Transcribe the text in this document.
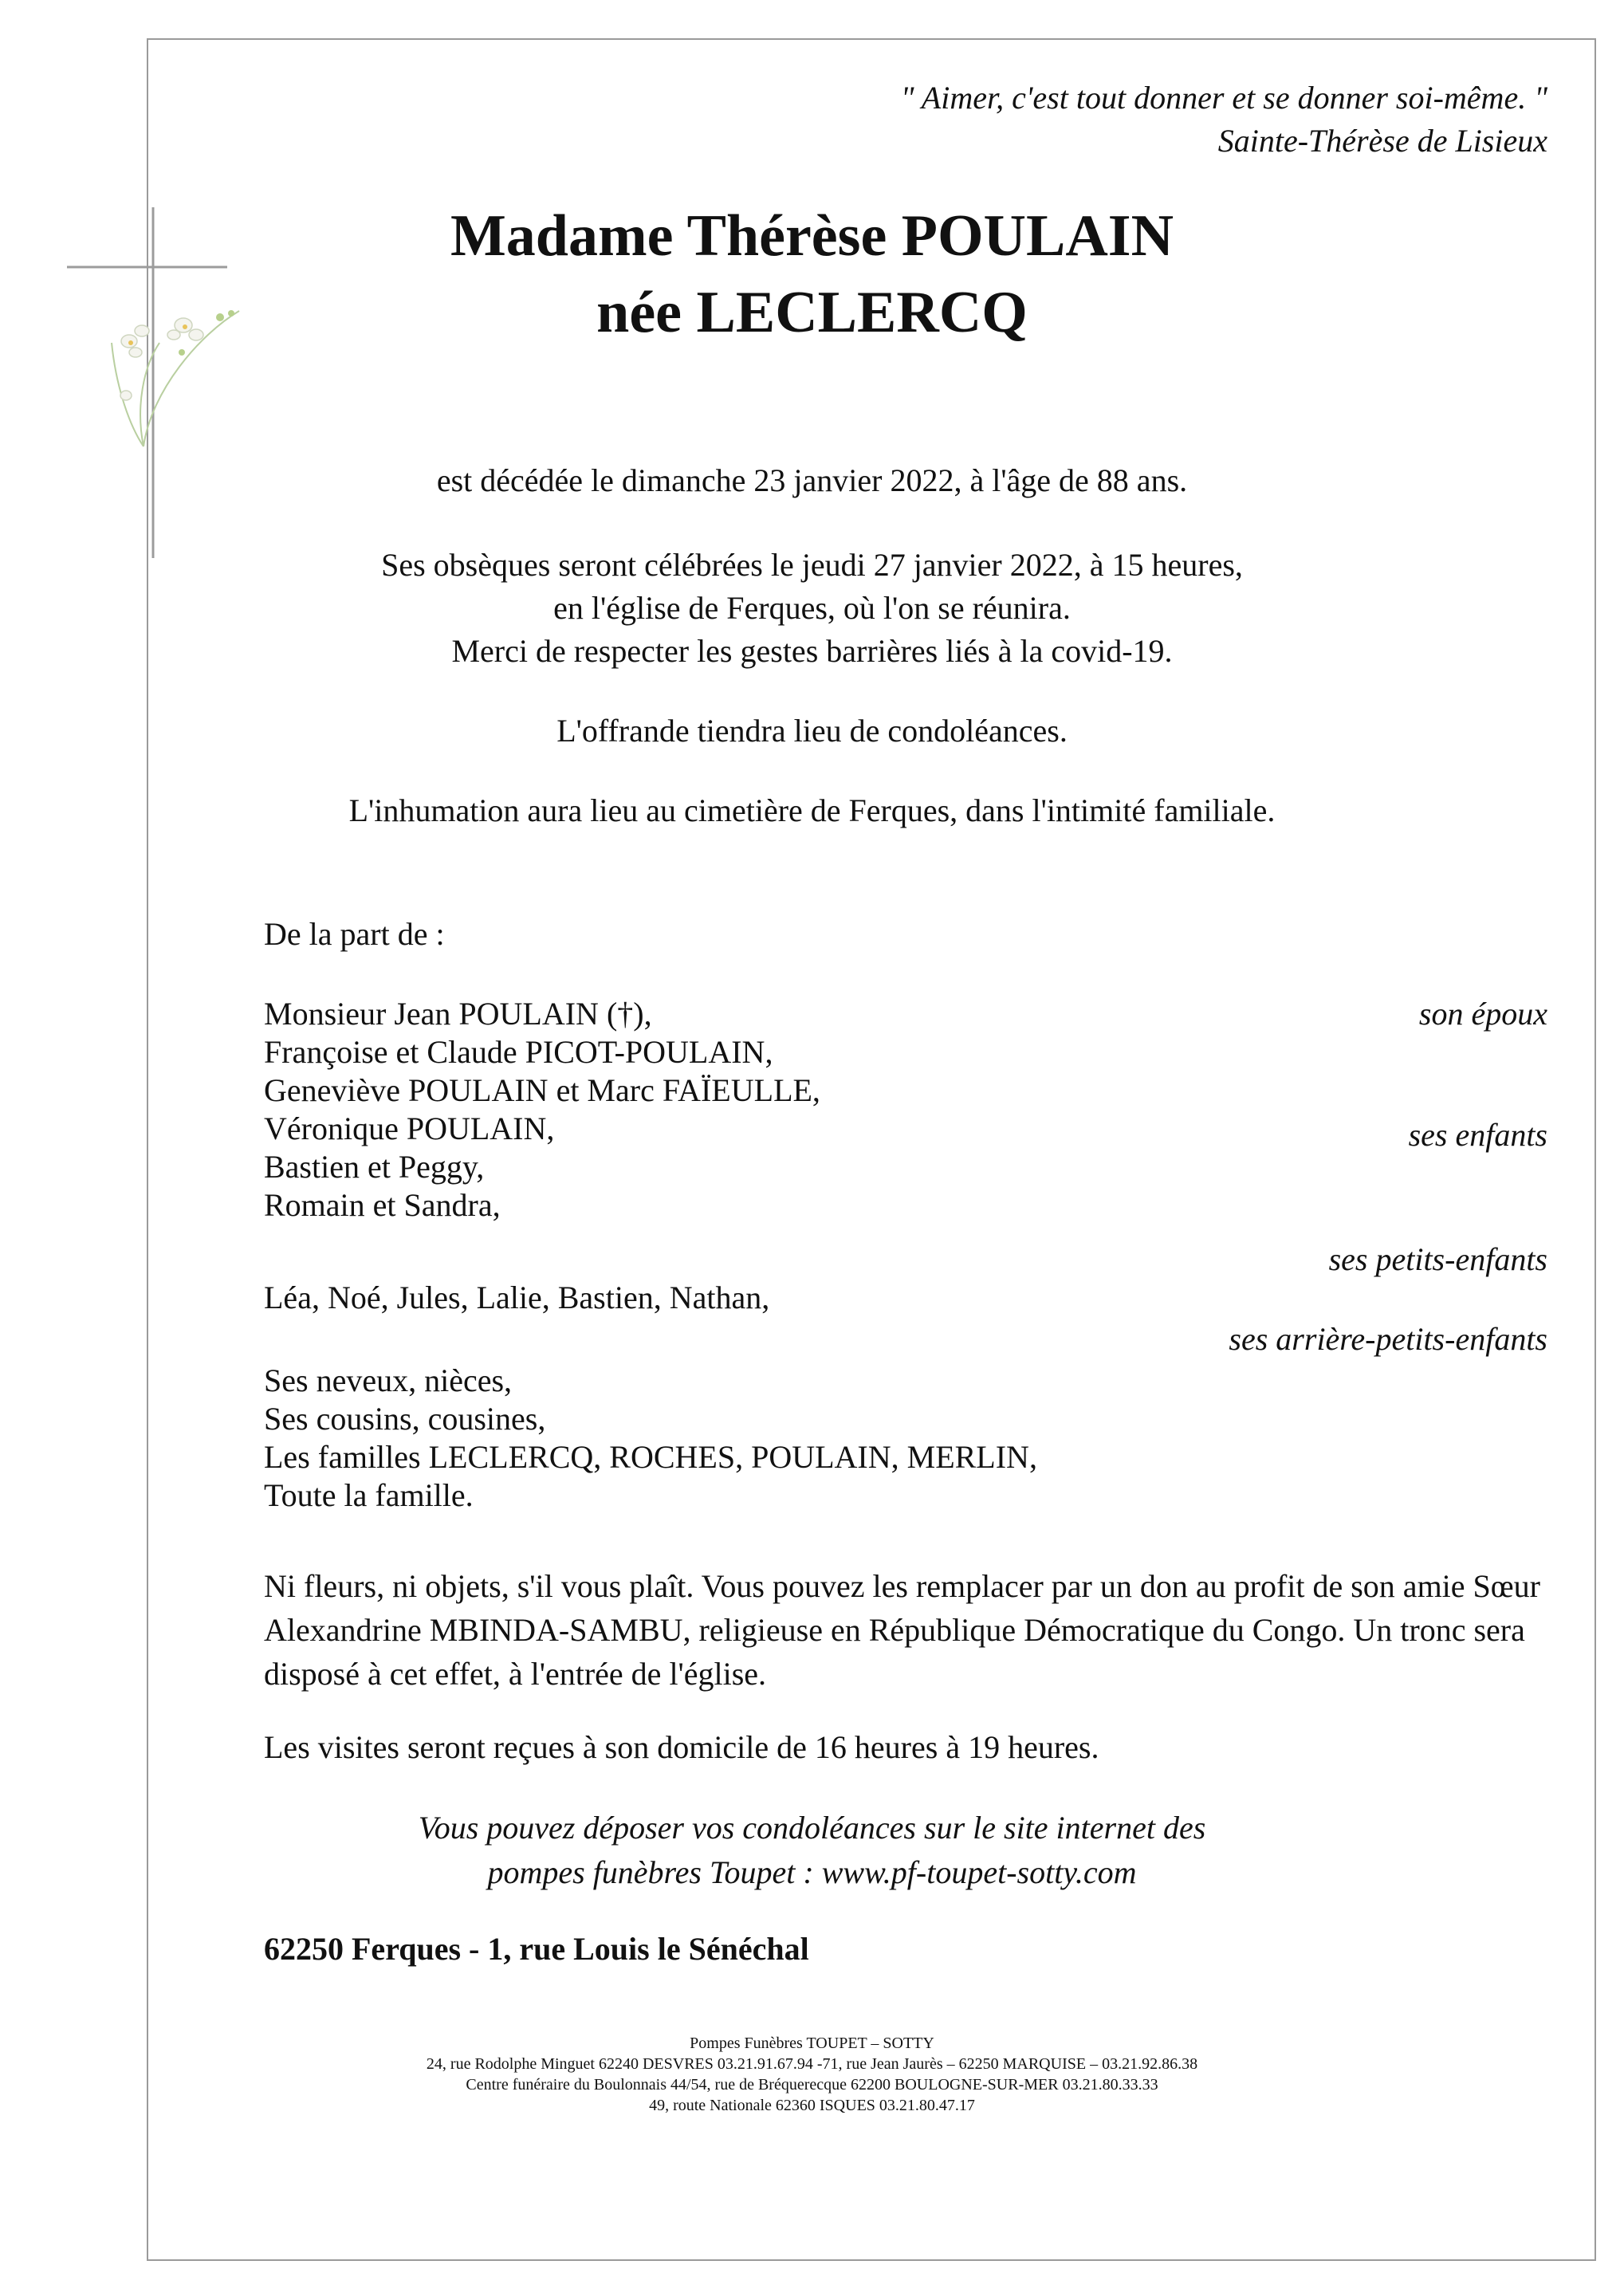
" Aimer, c'est tout donner et se donner soi-même. "
Sainte-Thérèse de Lisieux
Madame Thérèse POULAIN
née LECLERCQ
est décédée le dimanche 23 janvier 2022, à l'âge de 88 ans.
Ses obsèques seront célébrées le jeudi 27 janvier 2022, à 15 heures,
en l'église de Ferques, où l'on se réunira.
Merci de respecter les gestes barrières liés à la covid-19.
L'offrande tiendra lieu de condoléances.
L'inhumation aura lieu au cimetière de Ferques, dans l'intimité familiale.
De la part de :
Monsieur Jean POULAIN (†),
Françoise et Claude PICOT-POULAIN,
Geneviève POULAIN et Marc FAÏEULLE,
Véronique POULAIN,
Bastien et Peggy,
Romain et Sandra,
Léa, Noé, Jules, Lalie, Bastien, Nathan,
Ses neveux, nièces,
Ses cousins, cousines,
Les familles LECLERCQ, ROCHES, POULAIN, MERLIN,
Toute la famille.
son époux
ses enfants
ses petits-enfants
ses arrière-petits-enfants
Ni fleurs, ni objets, s'il vous plaît. Vous pouvez les remplacer par un don au profit de son amie Sœur Alexandrine MBINDA-SAMBU, religieuse en République Démocratique du Congo. Un tronc sera disposé à cet effet, à l'entrée de l'église.
Les visites seront reçues à son domicile de 16 heures à 19 heures.
Vous pouvez déposer vos condoléances sur le site internet des
pompes funèbres Toupet : www.pf-toupet-sotty.com
62250 Ferques - 1, rue Louis le Sénéchal
Pompes Funèbres TOUPET – SOTTY
24, rue Rodolphe Minguet 62240 DESVRES 03.21.91.67.94 -71, rue Jean Jaurès – 62250 MARQUISE – 03.21.92.86.38
Centre funéraire du Boulonnais 44/54, rue de Bréquerecque 62200 BOULOGNE-SUR-MER 03.21.80.33.33
49, route Nationale 62360 ISQUES 03.21.80.47.17
